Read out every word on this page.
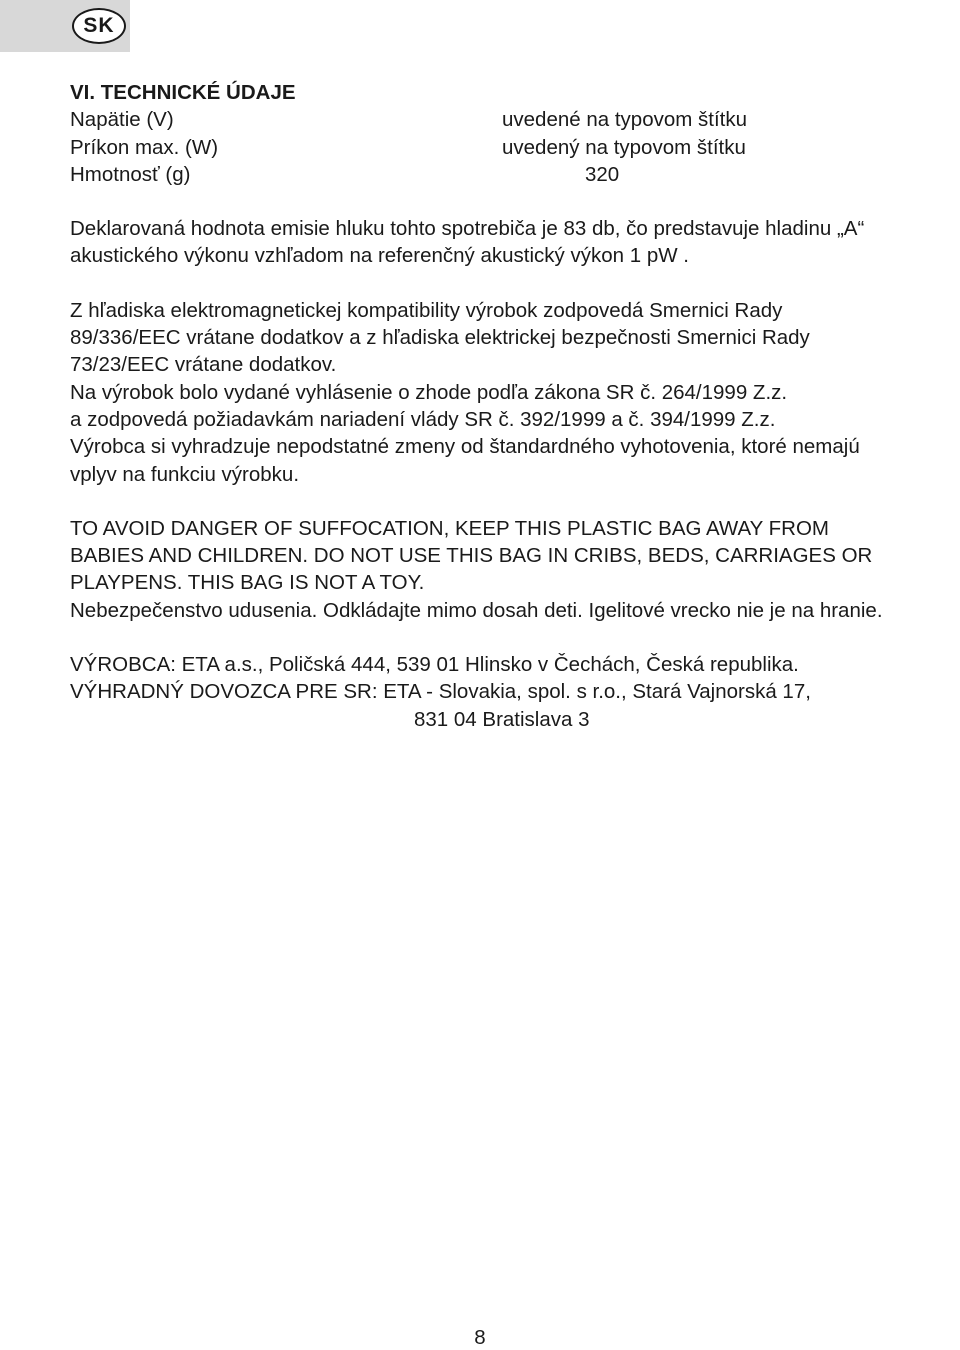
SK
VI. TECHNICKÉ ÚDAJE
Napätie (V)	uvedené na typovom štítku
Príkon max. (W)	uvedený na typovom štítku
Hmotnosť (g)	320
Deklarovaná hodnota emisie hluku tohto spotrebiča je 83 db, čo predstavuje hladinu „A“
akustického výkonu vzhľadom na referenčný akustický výkon 1 pW .
Z hľadiska elektromagnetickej kompatibility výrobok zodpovedá Smernici Rady
89/336/EEC vrátane dodatkov a z hľadiska elektrickej bezpečnosti Smernici Rady
73/23/EEC vrátane dodatkov.
Na výrobok bolo vydané vyhlásenie o zhode podľa zákona SR č. 264/1999 Z.z.
a zodpovedá požiadavkám nariadení vlády SR č. 392/1999 a č. 394/1999 Z.z.
Výrobca si vyhradzuje nepodstatné zmeny od štandardného vyhotovenia, ktoré nemajú
vplyv na funkciu výrobku.
TO AVOID DANGER OF SUFFOCATION, KEEP THIS PLASTIC BAG AWAY FROM
BABIES AND CHILDREN. DO NOT USE THIS BAG IN CRIBS, BEDS, CARRIAGES OR
PLAYPENS. THIS BAG IS NOT A TOY.
Nebezpečenstvo udusenia. Odkládajte mimo dosah deti. Igelitové vrecko nie je na hranie.
VÝROBCA: ETA a.s., Poličská 444, 539 01 Hlinsko v Čechách, Česká republika.
VÝHRADNÝ DOVOZCA PRE SR: ETA - Slovakia, spol. s r.o., Stará Vajnorská 17,
831 04 Bratislava 3
8
